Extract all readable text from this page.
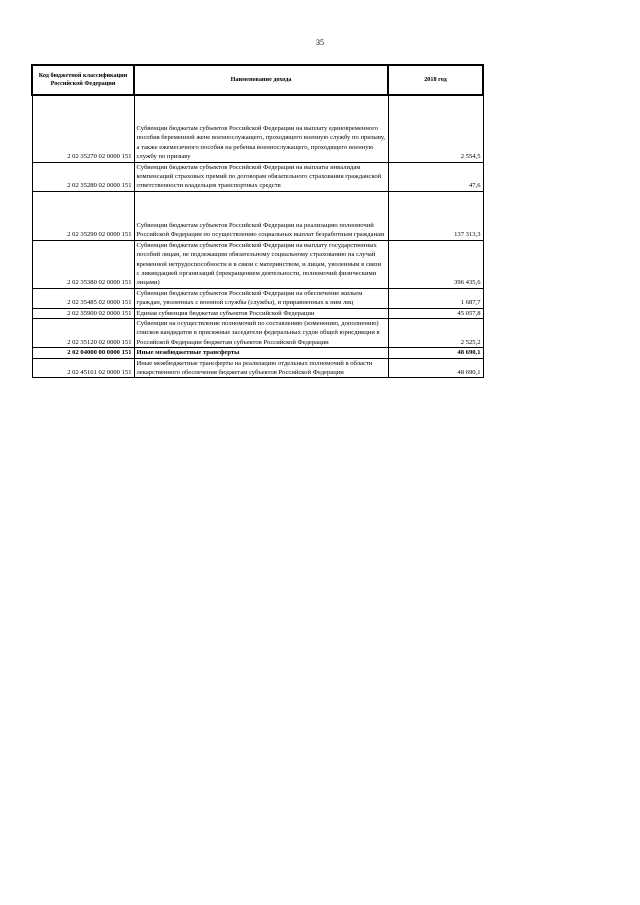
35
Код бюджетной классификации Российской Федерации	Наименование дохода	2018 год
2 02 35270 02 0000 151	Субвенции бюджетам субъектов Российской Федерации на выплату единовременного пособия беременной жене военнослужащего, проходящего военную службу по призыву, а также ежемесячного пособия на ребенка военнослужащего, проходящего военную службу по призыву	2 554,5
2 02 35280 02 0000 151	Субвенции бюджетам субъектов Российской Федерации на выплаты инвалидам компенсаций страховых премий по договорам обязательного страхования гражданской ответственности владельцев транспортных средств	47,6
2 02 35290 02 0000 151	Субвенции бюджетам субъектов Российской Федерации на реализацию полномочий Российской Федерации по осуществлению социальных выплат безработным гражданам	137 313,3
2 02 35380 02 0000 151	Субвенции бюджетам субъектов Российской Федерации на выплату государственных пособий лицам, не подлежащим обязательному социальному страхованию на случай временной нетрудоспособности и в связи с материнством, и лицам, уволенным в связи с ликвидацией организаций (прекращением деятельности, полномочий физическими лицами)	396 435,6
2 02 35485 02 0000 151	Субвенции бюджетам субъектов Российской Федерации на обеспечение жильем граждан, уволенных с военной службы (службы), и приравненных к ним лиц	1 687,7
2 02 35900 02 0000 151	Единая субвенция бюджетам субъектов Российской Федерации	45 057,8
2 02 35120 02 0000 151	Субвенции на осуществление полномочий по составлению (изменению, дополнению) списков кандидатов в присяжные заседатели федеральных судов общей юрисдикции в Российской Федерации бюджетам субъектов Российской Федерации	2 525,2
2 02 04000 00 0000 151	Иные межбюджетные трансферты	48 690,1
2 02 45161 02 0000 151	Иные межбюджетные трансферты на реализацию отдельных полномочий в области лекарственного обеспечения бюджетам субъектов Российской Федерации	48 690,1
